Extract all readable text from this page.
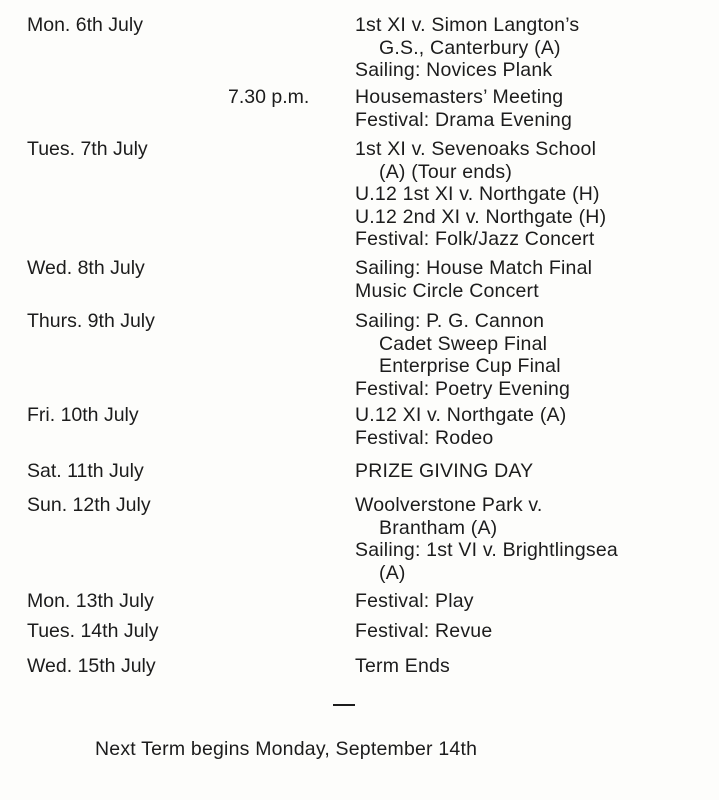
Mon. 6th July	1st XI v. Simon Langton’s
G.S., Canterbury (A)
Sailing: Novices Plank
7.30 p.m. Housemasters’ Meeting
Festival: Drama Evening
Tues. 7th July	1st XI v. Sevenoaks School
(A) (Tour ends)
U.12 1st XI v. Northgate (H)
U.12 2nd XI v. Northgate (H)
Festival: Folk/Jazz Concert
Wed. 8th July	Sailing: House Match Final
Music Circle Concert
Thurs. 9th July	Sailing: P. G. Cannon
Cadet Sweep Final
Enterprise Cup Final
Festival: Poetry Evening
Fri. 10th July	U.12 XI v. Northgate (A)
Festival: Rodeo
Sat. 11th July	PRIZE GIVING DAY
Sun. 12th July	Woolverstone Park v.
Brantham (A)
Sailing: 1st VI v. Brightlingsea
(A)
Mon. 13th July	Festival: Play
Tues. 14th July	Festival: Revue
Wed. 15th July	Term Ends
Next Term begins Monday, September 14th
